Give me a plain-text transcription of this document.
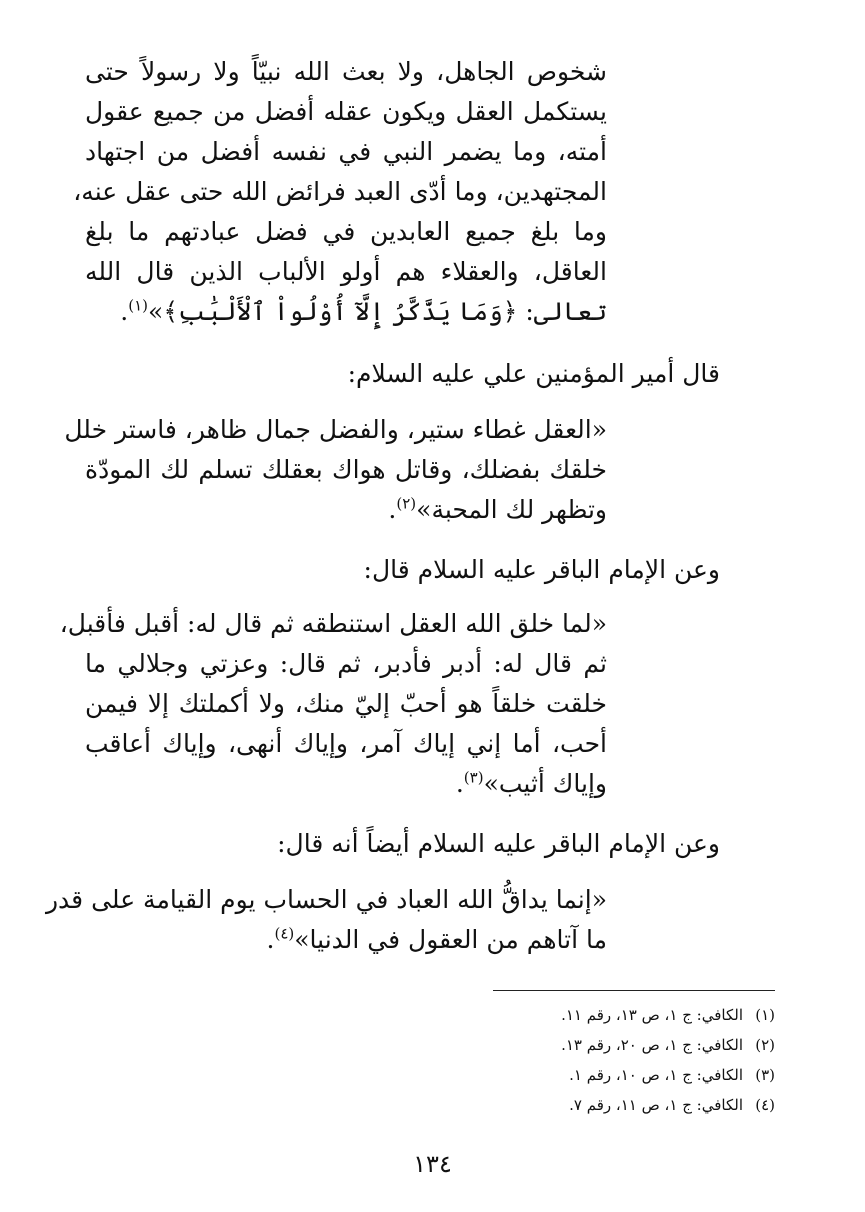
شخوص الجاهل، ولا بعث الله نبيّاً ولا رسولاً حتى
يستكمل العقل ويكون عقله أفضل من جميع عقول
أمته، وما يضمر النبي في نفسه أفضل من اجتهاد
المجتهدين، وما أدّى العبد فرائض الله حتى عقل عنه،
وما بلغ جميع العابدين في فضل عبادتهم ما بلغ
العاقل، والعقلاء هم أولو الألباب الذين قال الله
تعالى: ﴿وَمَا يَذَّكَّرُ إِلَّآ أُوْلُواْ ٱلْأَلْبَٰبِ﴾»$^{(١)}$.
قال أمير المؤمنين علي عليه السلام:
«العقل غطاء ستير، والفضل جمال ظاهر، فاستر خلل
خلقك بفضلك، وقاتل هواك بعقلك تسلم لك المودّة
وتظهر لك المحبة»$^{(٢)}$.
وعن الإمام الباقر عليه السلام قال:
«لما خلق الله العقل استنطقه ثم قال له: أقبل فأقبل،
ثم قال له: أدبر فأدبر، ثم قال: وعزتي وجلالي ما
خلقت خلقاً هو أحبّ إليّ منك، ولا أكملتك إلا فيمن
أحب، أما إني إياك آمر، وإياك أنهى، وإياك أعاقب
وإياك أثيب»$^{(٣)}$.
وعن الإمام الباقر عليه السلام أيضاً أنه قال:
«إنما يداقُّ الله العباد في الحساب يوم القيامة على قدر
ما آتاهم من العقول في الدنيا»$^{(٤)}$.
(١)الكافي: ج ١، ص ١٣، رقم ١١.
(٢)الكافي: ج ١، ص ٢٠، رقم ١٣.
(٣)الكافي: ج ١، ص ١٠، رقم ١.
(٤)الكافي: ج ١، ص ١١، رقم ٧.
١٣٤
